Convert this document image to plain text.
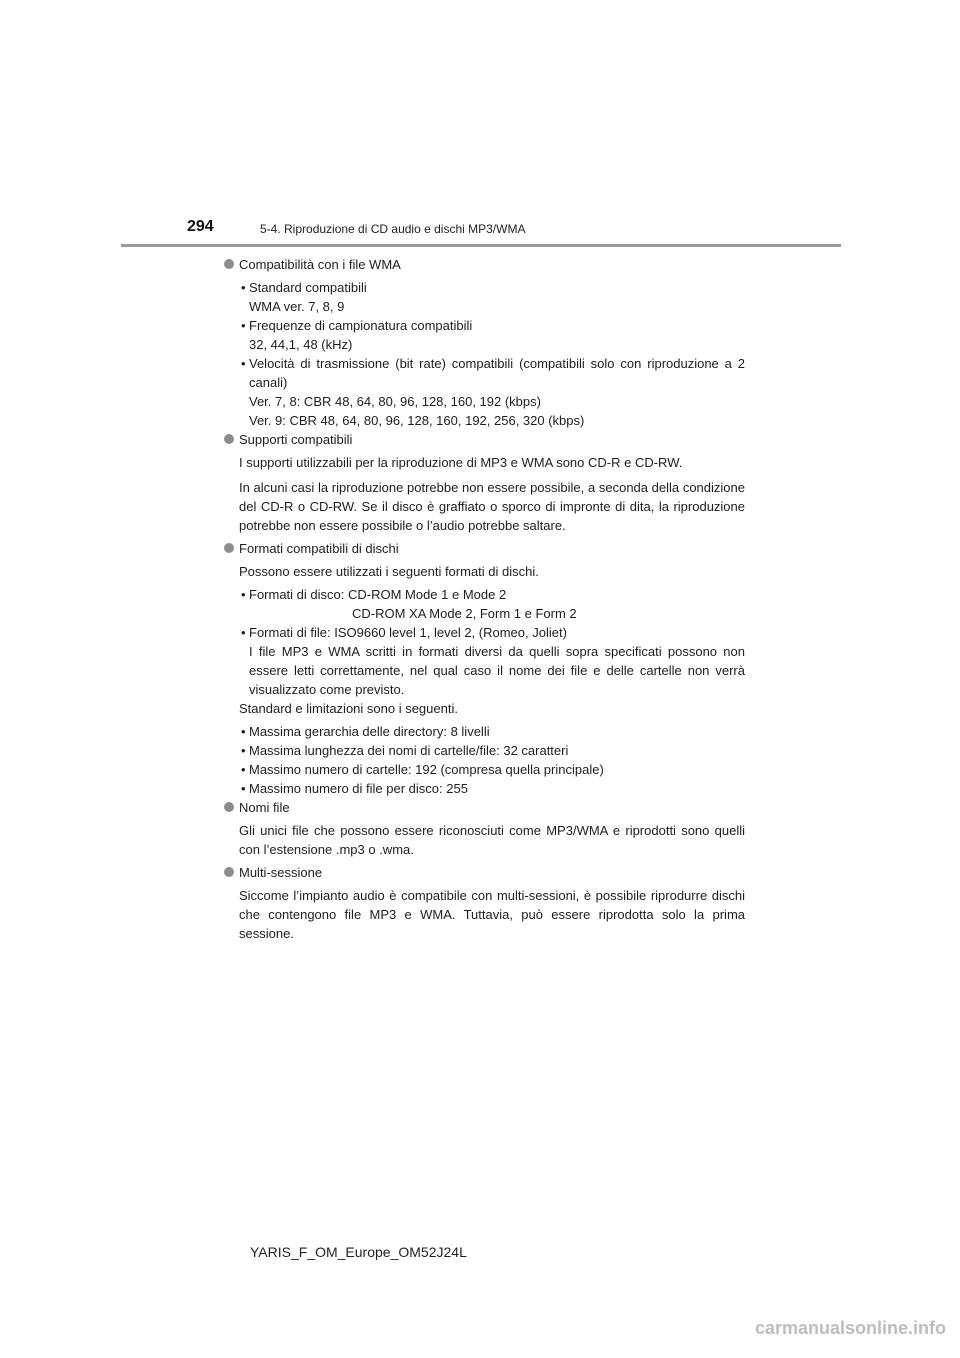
294	5-4. Riproduzione di CD audio e dischi MP3/WMA
Compatibilità con i file WMA
• Standard compatibili
WMA ver. 7, 8, 9
• Frequenze di campionatura compatibili
32, 44,1, 48 (kHz)
• Velocità di trasmissione (bit rate) compatibili (compatibili solo con riproduzione a 2 canali)
Ver. 7, 8: CBR 48, 64, 80, 96, 128, 160, 192 (kbps)
Ver. 9: CBR 48, 64, 80, 96, 128, 160, 192, 256, 320 (kbps)
Supporti compatibili

I supporti utilizzabili per la riproduzione di MP3 e WMA sono CD-R e CD-RW.

In alcuni casi la riproduzione potrebbe non essere possibile, a seconda della condizione del CD-R o CD-RW. Se il disco è graffiato o sporco di impronte di dita, la riproduzione potrebbe non essere possibile o l’audio potrebbe saltare.

Formati compatibili di dischi

Possono essere utilizzati i seguenti formati di dischi.

• Formati di disco: CD-ROM Mode 1 e Mode 2
CD-ROM XA Mode 2, Form 1 e Form 2
• Formati di file: ISO9660 level 1, level 2, (Romeo, Joliet)
I file MP3 e WMA scritti in formati diversi da quelli sopra specificati possono non essere letti correttamente, nel qual caso il nome dei file e delle cartelle non verrà visualizzato come previsto.
Standard e limitazioni sono i seguenti.
• Massima gerarchia delle directory: 8 livelli
• Massima lunghezza dei nomi di cartelle/file: 32 caratteri
• Massimo numero di cartelle: 192 (compresa quella principale)
• Massimo numero di file per disco: 255
Nomi file

Gli unici file che possono essere riconosciuti come MP3/WMA e riprodotti sono quelli con l’estensione .mp3 o .wma.

Multi-sessione

Siccome l’impianto audio è compatibile con multi-sessioni, è possibile riprodurre dischi che contengono file MP3 e WMA. Tuttavia, può essere riprodotta solo la prima sessione.

YARIS_F_OM_Europe_OM52J24L
carmanualsonline.info
